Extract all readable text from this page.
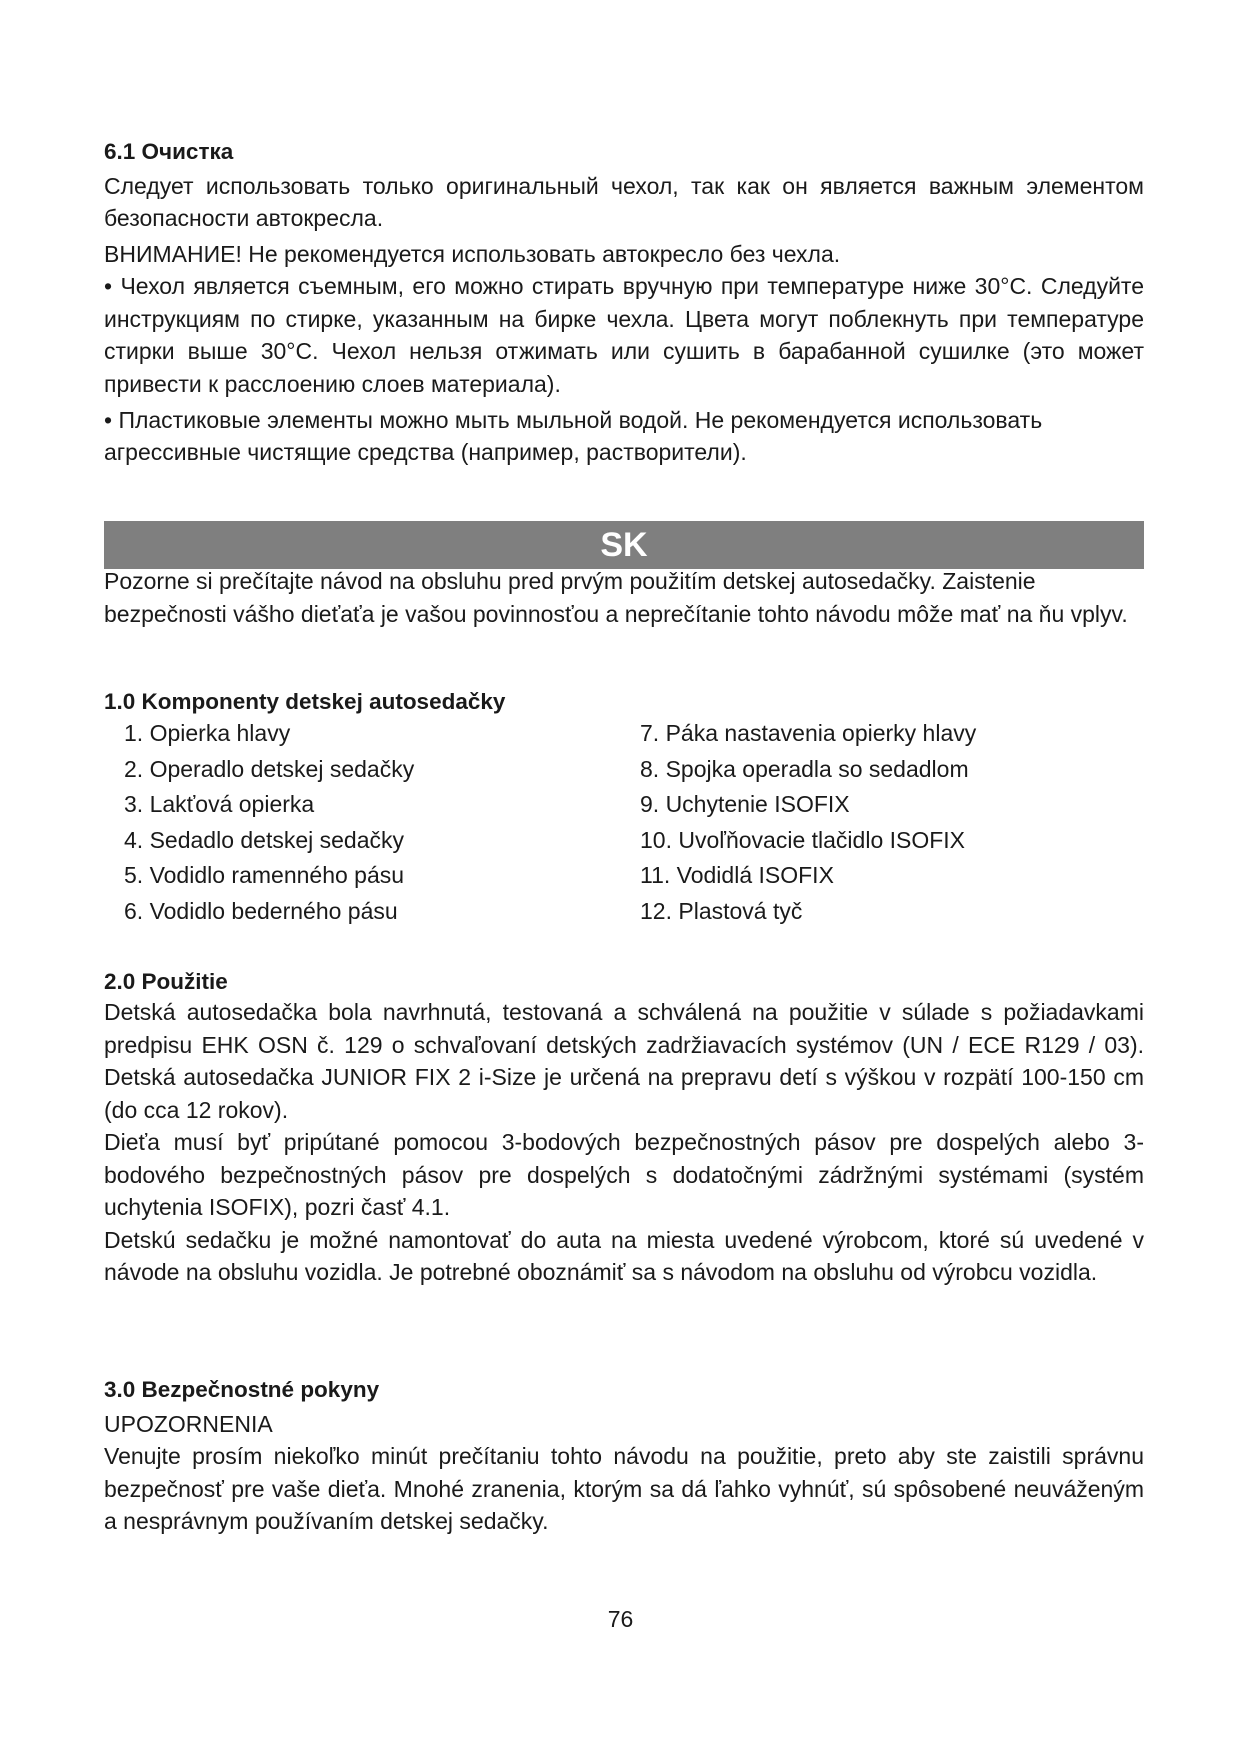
6.1 Очистка

Следует использовать только оригинальный чехол, так как он является важным элементом безопасности автокресла.

ВНИМАНИЕ! Не рекомендуется использовать автокресло без чехла.

• Чехол является съемным, его можно стирать вручную при температуре ниже 30°C. Следуйте инструкциям по стирке, указанным на бирке чехла. Цвета могут поблекнуть при температуре стирки выше 30°C. Чехол нельзя отжимать или сушить в барабанной сушилке (это может привести к расслоению слоев материала).

• Пластиковые элементы можно мыть мыльной водой. Не рекомендуется использовать агрессивные чистящие средства (например, растворители).

SK

Pozorne si prečítajte návod na obsluhu pred prvým použitím detskej autosedačky. Zaistenie bezpečnosti vášho dieťaťa je vašou povinnosťou a neprečítanie tohto návodu môže mať na ňu vplyv.

1.0 Komponenty detskej autosedačky

1. Opierka hlavy
2. Operadlo detskej sedačky
3. Lakťová opierka
4. Sedadlo detskej sedačky
5. Vodidlo ramenného pásu
6. Vodidlo bederného pásu
7. Páka nastavenia opierky hlavy
8. Spojka operadla so sedadlom
9. Uchytenie ISOFIX
10. Uvoľňovacie tlačidlo ISOFIX
11. Vodidlá ISOFIX
12. Plastová tyč

2.0 Použitie

Detská autosedačka bola navrhnutá, testovaná a schválená na použitie v súlade s požiadavkami predpisu EHK OSN č. 129 o schvaľovaní detských zadržiavacích systémov (UN / ECE R129 / 03). Detská autosedačka JUNIOR FIX 2 i-Size je určená na prepravu detí s výškou v rozpätí 100-150 cm (do cca 12 rokov).

Dieťa musí byť pripútané pomocou 3-bodových bezpečnostných pásov pre dospelých alebo 3-bodového bezpečnostných pásov pre dospelých s dodatočnými zádržnými systémami (systém uchytenia ISOFIX), pozri časť 4.1.

Detskú sedačku je možné namontovať do auta na miesta uvedené výrobcom, ktoré sú uvedené v návode na obsluhu vozidla. Je potrebné oboznámiť sa s návodom na obsluhu od výrobcu vozidla.

3.0 Bezpečnostné pokyny

UPOZORNENIA

Venujte prosím niekoľko minút prečítaniu tohto návodu na použitie, preto aby ste zaistili správnu bezpečnosť pre vaše dieťa. Mnohé zranenia, ktorým sa dá ľahko vyhnúť, sú spôsobené neuváženým a nesprávnym používaním detskej sedačky.

76
